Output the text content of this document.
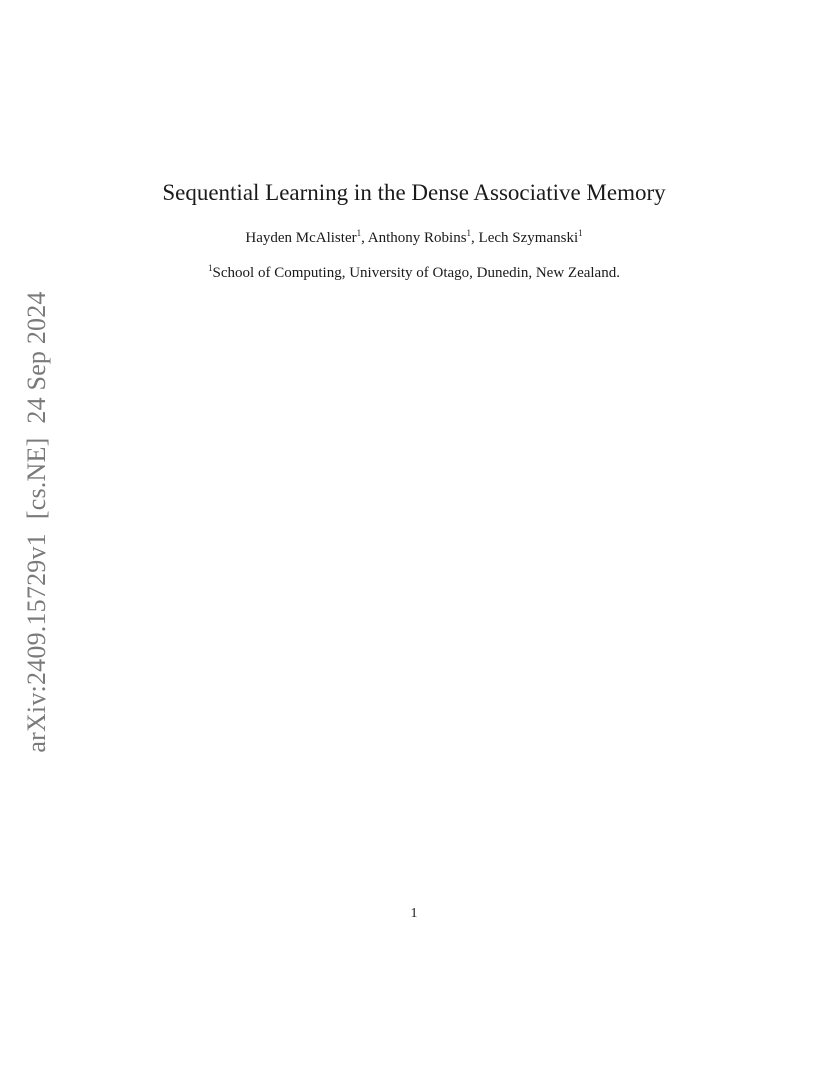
arXiv:2409.15729v1[cs.NE]24 Sep 2024
Sequential Learning in the Dense Associative Memory
Hayden McAlister$^1$, Anthony Robins$^1$, Lech Szymanski$^1$
$^1$School of Computing, University of Otago, Dunedin, New Zealand.
1
